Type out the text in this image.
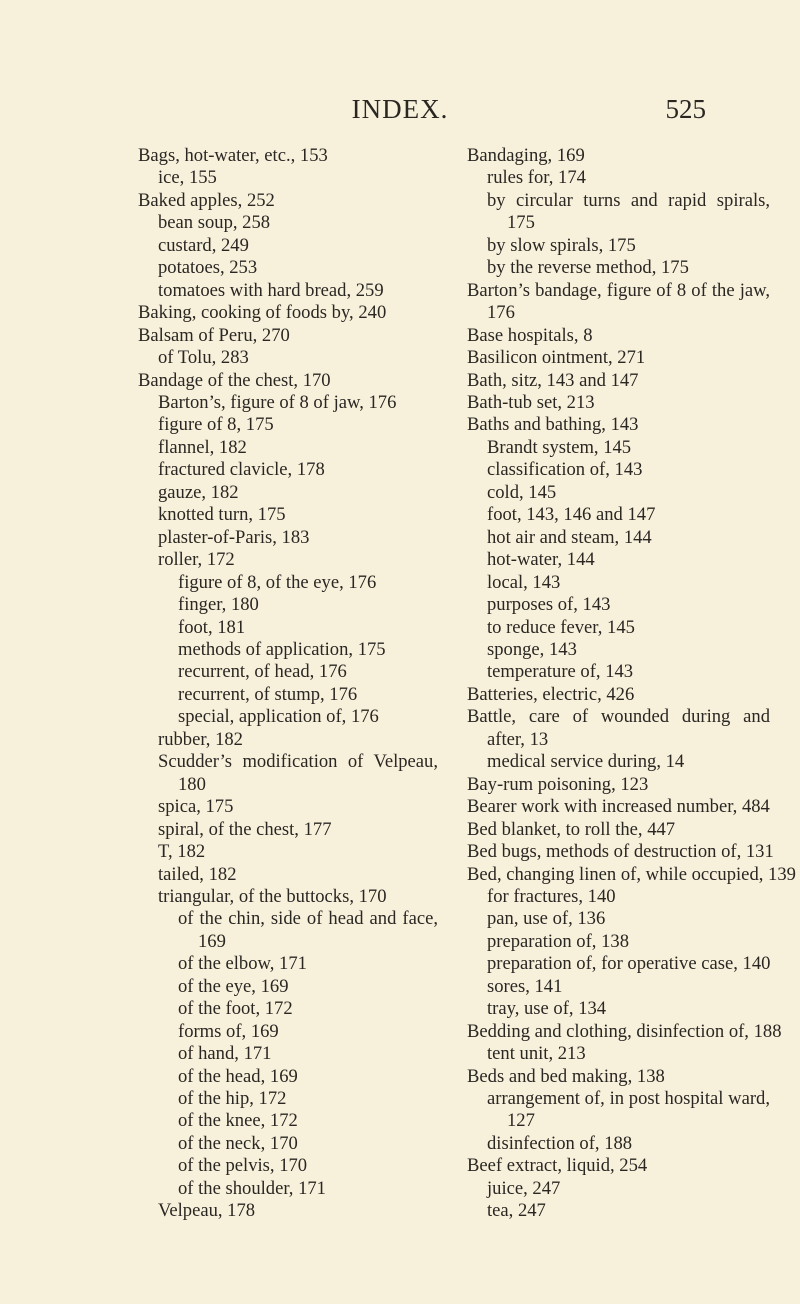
INDEX.	525
Bags, hot-water, etc., 153
ice, 155
Baked apples, 252
bean soup, 258
custard, 249
potatoes, 253
tomatoes with hard bread, 259
Baking, cooking of foods by, 240
Balsam of Peru, 270
of Tolu, 283
Bandage of the chest, 170
Barton’s, figure of 8 of jaw, 176
figure of 8, 175
flannel, 182
fractured clavicle, 178
gauze, 182
knotted turn, 175
plaster-of-Paris, 183
roller, 172
figure of 8, of the eye, 176
finger, 180
foot, 181
methods of application, 175
recurrent, of head, 176
recurrent, of stump, 176
special, application of, 176
rubber, 182
Scudder’s modification of Velpeau, 180
spica, 175
spiral, of the chest, 177
T, 182
tailed, 182
triangular, of the buttocks, 170
of the chin, side of head and face, 169
of the elbow, 171
of the eye, 169
of the foot, 172
forms of, 169
of hand, 171
of the head, 169
of the hip, 172
of the knee, 172
of the neck, 170
of the pelvis, 170
of the shoulder, 171
Velpeau, 178
Bandaging, 169
rules for, 174
by circular turns and rapid spirals, 175
by slow spirals, 175
by the reverse method, 175
Barton’s bandage, figure of 8 of the jaw, 176
Base hospitals, 8
Basilicon ointment, 271
Bath, sitz, 143 and 147
Bath-tub set, 213
Baths and bathing, 143
Brandt system, 145
classification of, 143
cold, 145
foot, 143, 146 and 147
hot air and steam, 144
hot-water, 144
local, 143
purposes of, 143
to reduce fever, 145
sponge, 143
temperature of, 143
Batteries, electric, 426
Battle, care of wounded during and after, 13
medical service during, 14
Bay-rum poisoning, 123
Bearer work with increased number, 484
Bed blanket, to roll the, 447
Bed bugs, methods of destruction of, 131
Bed, changing linen of, while occupied, 139
for fractures, 140
pan, use of, 136
preparation of, 138
preparation of, for operative case, 140
sores, 141
tray, use of, 134
Bedding and clothing, disinfection of, 188
tent unit, 213
Beds and bed making, 138
arrangement of, in post hospital ward, 127
disinfection of, 188
Beef extract, liquid, 254
juice, 247
tea, 247
